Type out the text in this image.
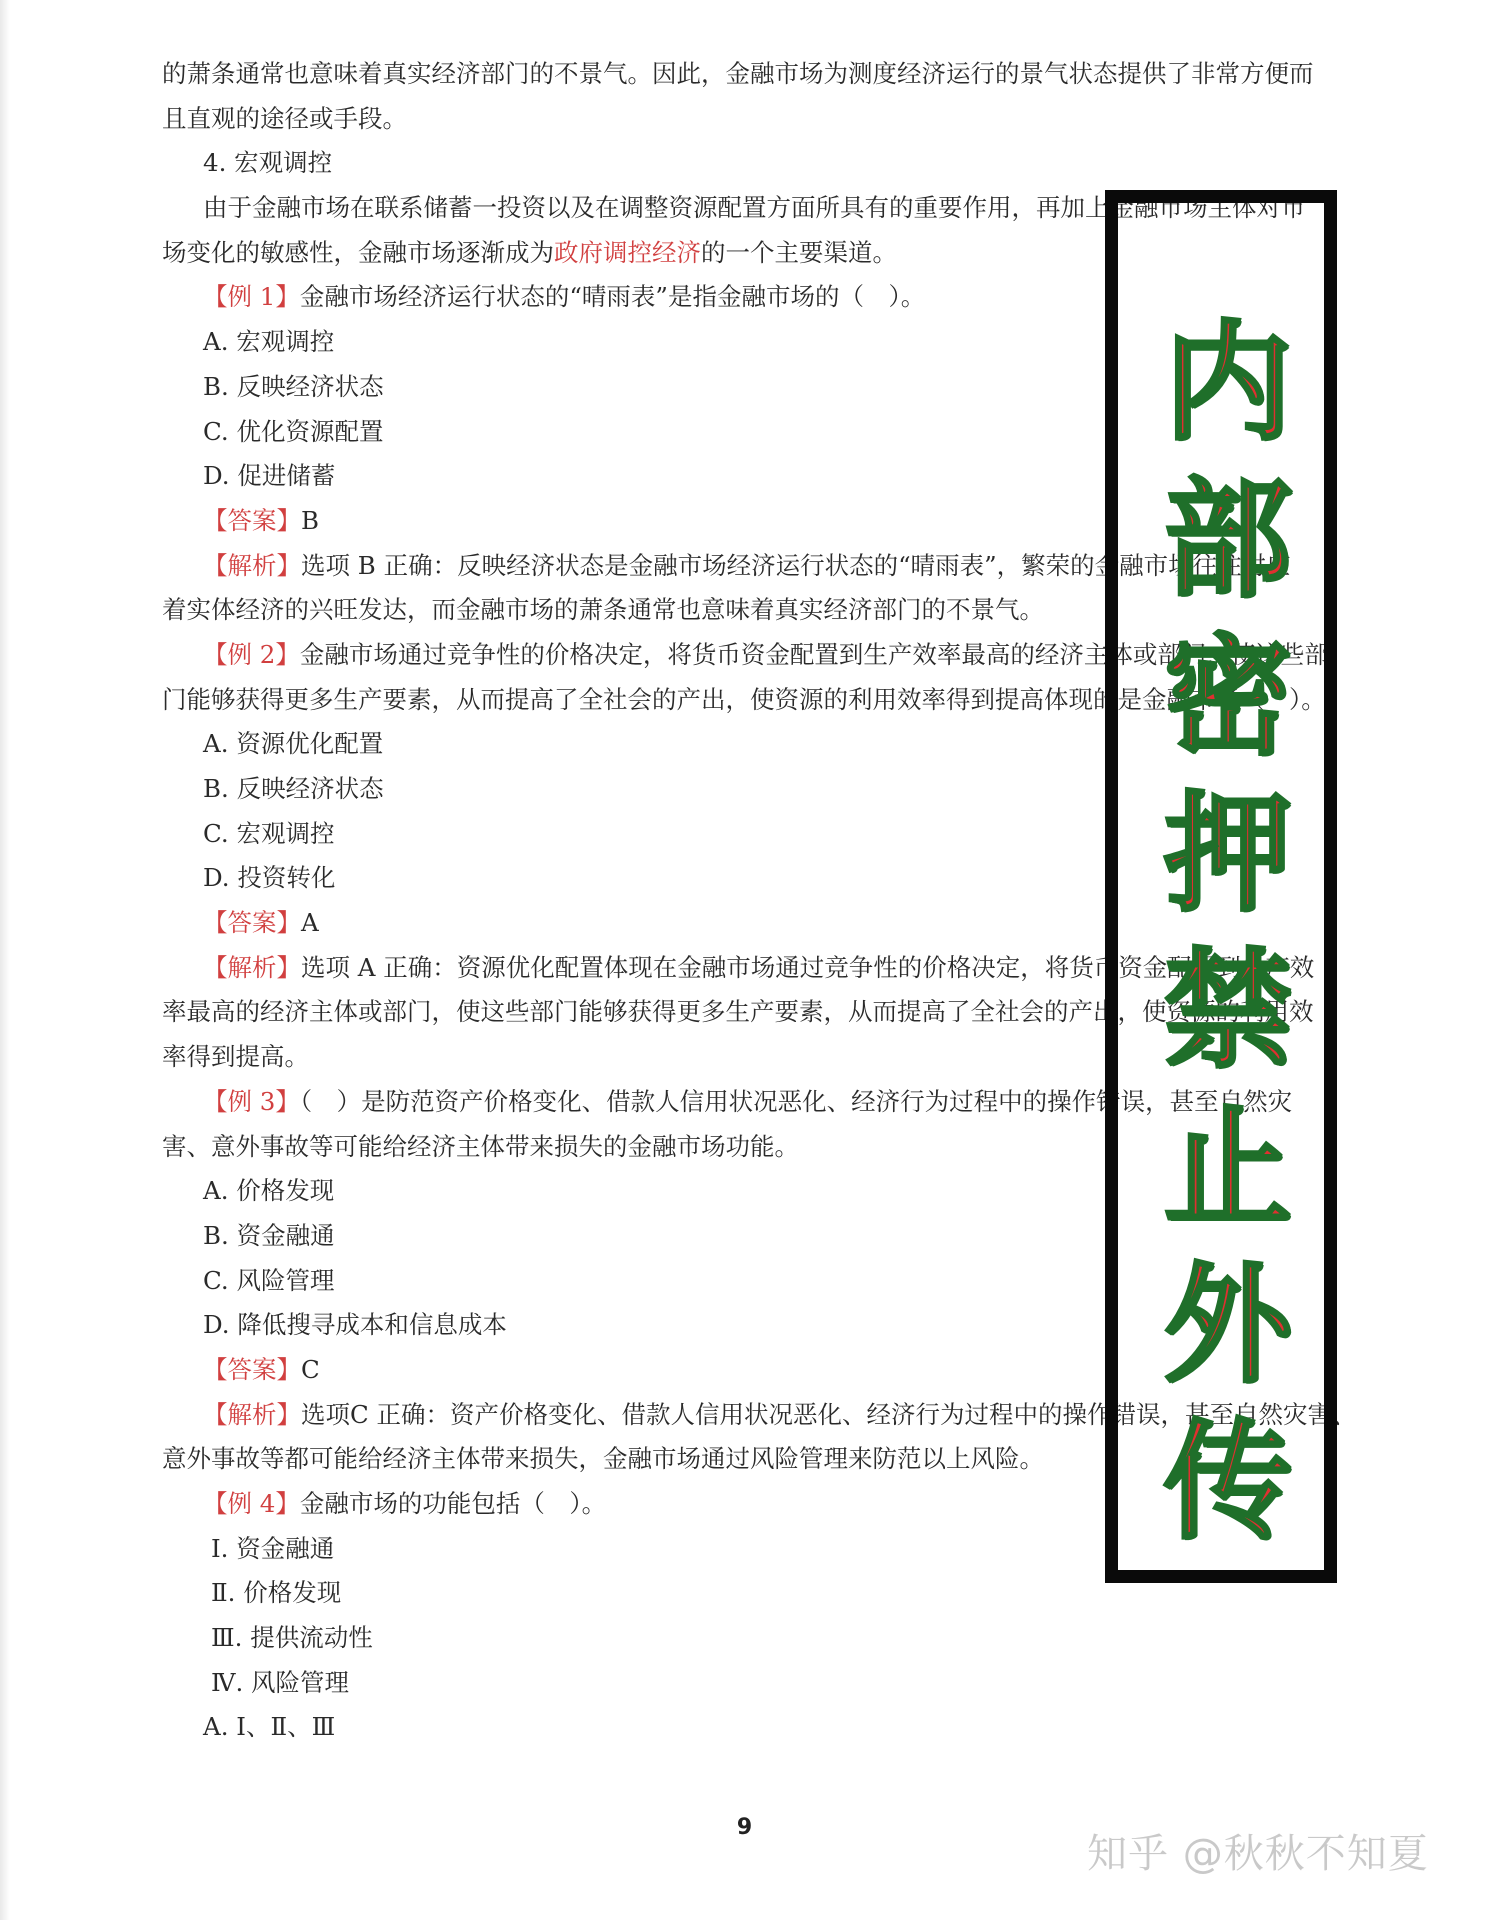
的萧条通常也意味着真实经济部门的不景气。因此，金融市场为测度经济运行的景气状态提供了非常方便而
且直观的途径或手段。
4. 宏观调控
由于金融市场在联系储蓄一投资以及在调整资源配置方面所具有的重要作用，再加上金融市场主体对市
场变化的敏感性，金融市场逐渐成为政府调控经济的一个主要渠道。
【例 1】金融市场经济运行状态的“晴雨表”是指金融市场的（　）。
A. 宏观调控
B. 反映经济状态
C. 优化资源配置
D. 促进储蓄
【答案】B
【解析】选项 B 正确：反映经济状态是金融市场经济运行状态的“晴雨表”，繁荣的金融市场往往对应
着实体经济的兴旺发达，而金融市场的萧条通常也意味着真实经济部门的不景气。
【例 2】金融市场通过竞争性的价格决定，将货币资金配置到生产效率最高的经济主体或部门，使这些部
门能够获得更多生产要素，从而提高了全社会的产出，使资源的利用效率得到提高体现的是金融市场（　）。
A. 资源优化配置
B. 反映经济状态
C. 宏观调控
D. 投资转化
【答案】A
【解析】选项 A 正确：资源优化配置体现在金融市场通过竞争性的价格决定，将货币资金配置到生产效
率最高的经济主体或部门，使这些部门能够获得更多生产要素，从而提高了全社会的产出，使资源的利用效
率得到提高。
【例 3】（　）是防范资产价格变化、借款人信用状况恶化、经济行为过程中的操作错误，甚至自然灾
害、意外事故等可能给经济主体带来损失的金融市场功能。
A. 价格发现
B. 资金融通
C. 风险管理
D. 降低搜寻成本和信息成本
【答案】C
【解析】选项C 正确：资产价格变化、借款人信用状况恶化、经济行为过程中的操作错误，甚至自然灾害、
意外事故等都可能给经济主体带来损失，金融市场通过风险管理来防范以上风险。
【例 4】金融市场的功能包括（　）。
Ⅰ. 资金融通
Ⅱ. 价格发现
Ⅲ. 提供流动性
Ⅳ. 风险管理
A. Ⅰ、Ⅱ、Ⅲ
内
部
密
押
禁
止
外
传
9
知乎 @秋秋不知夏
